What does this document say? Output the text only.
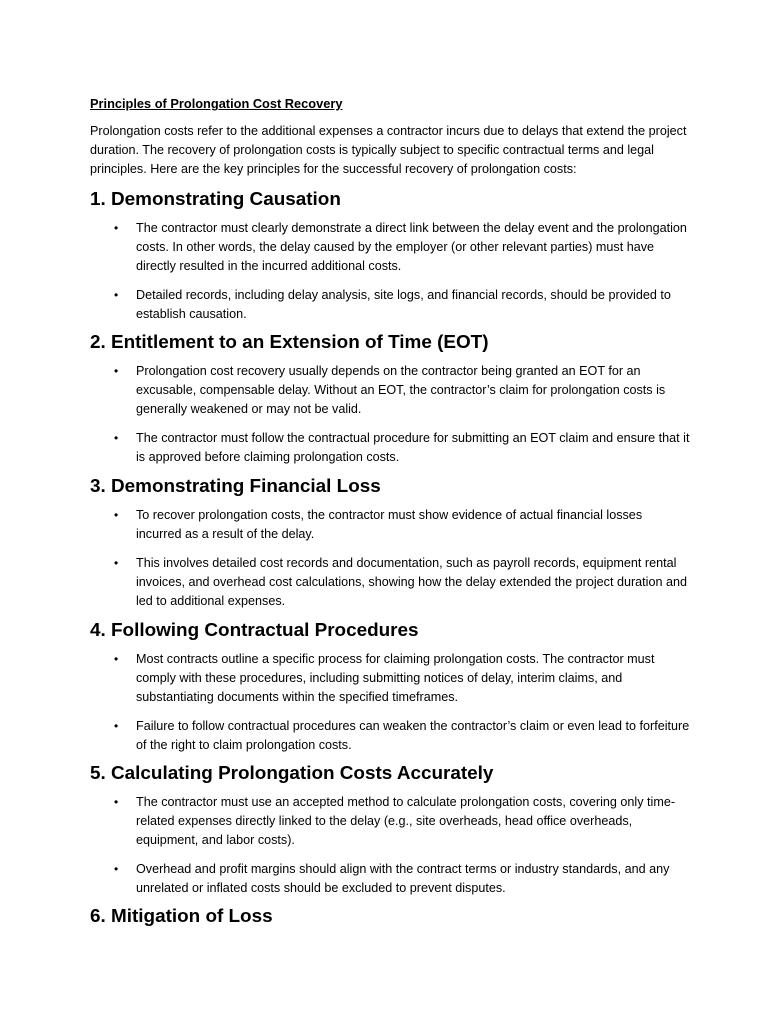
Principles of Prolongation Cost Recovery

Prolongation costs refer to the additional expenses a contractor incurs due to delays that extend the project duration. The recovery of prolongation costs is typically subject to specific contractual terms and legal principles. Here are the key principles for the successful recovery of prolongation costs:

1. Demonstrating Causation
• The contractor must clearly demonstrate a direct link between the delay event and the prolongation costs. In other words, the delay caused by the employer (or other relevant parties) must have directly resulted in the incurred additional costs.
• Detailed records, including delay analysis, site logs, and financial records, should be provided to establish causation.
2. Entitlement to an Extension of Time (EOT)
• Prolongation cost recovery usually depends on the contractor being granted an EOT for an excusable, compensable delay. Without an EOT, the contractor’s claim for prolongation costs is generally weakened or may not be valid.
• The contractor must follow the contractual procedure for submitting an EOT claim and ensure that it is approved before claiming prolongation costs.
3. Demonstrating Financial Loss
• To recover prolongation costs, the contractor must show evidence of actual financial losses incurred as a result of the delay.
• This involves detailed cost records and documentation, such as payroll records, equipment rental invoices, and overhead cost calculations, showing how the delay extended the project duration and led to additional expenses.
4. Following Contractual Procedures
• Most contracts outline a specific process for claiming prolongation costs. The contractor must comply with these procedures, including submitting notices of delay, interim claims, and substantiating documents within the specified timeframes.
• Failure to follow contractual procedures can weaken the contractor’s claim or even lead to forfeiture of the right to claim prolongation costs.
5. Calculating Prolongation Costs Accurately
• The contractor must use an accepted method to calculate prolongation costs, covering only time-related expenses directly linked to the delay (e.g., site overheads, head office overheads, equipment, and labor costs).
• Overhead and profit margins should align with the contract terms or industry standards, and any unrelated or inflated costs should be excluded to prevent disputes.
6. Mitigation of Loss
